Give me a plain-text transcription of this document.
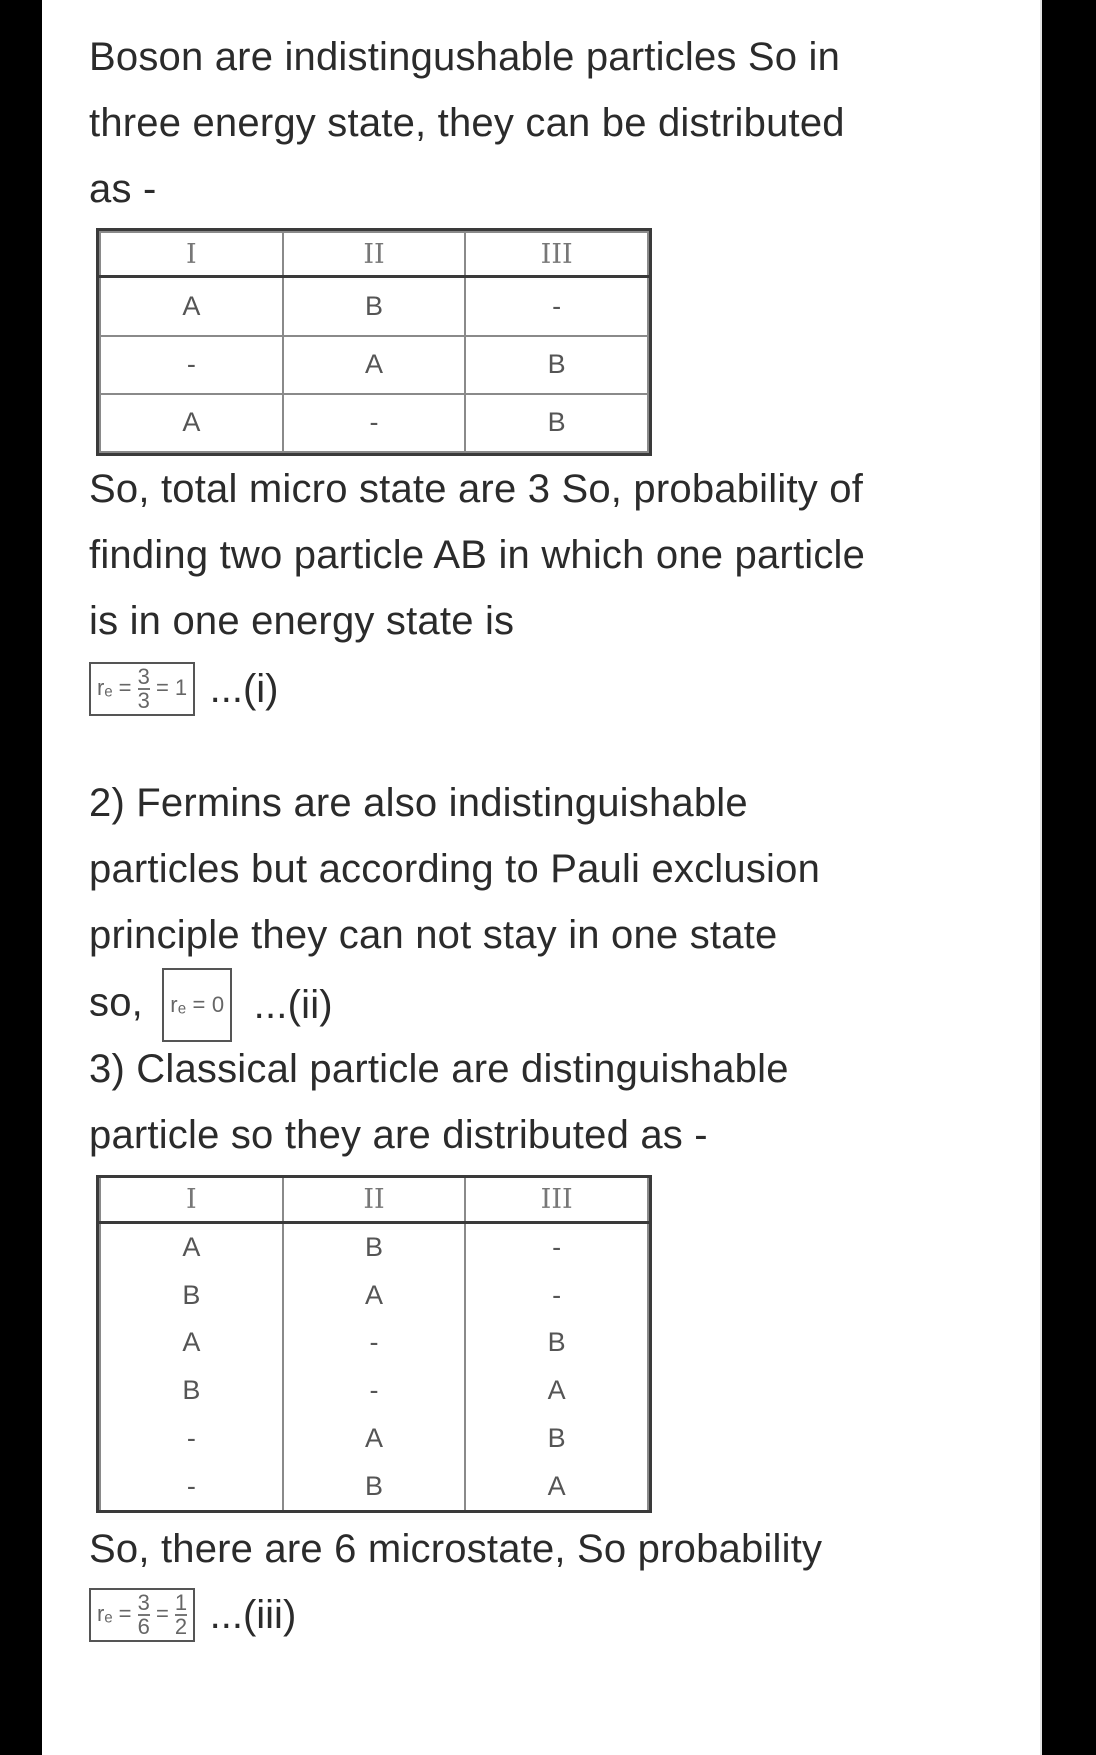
Boson are indistingushable particles So in

three energy state, they can be distributed

as -

I	II	III
A	B	-
-	A	B
A	-	B

So, total micro state are 3 So, probability of

finding two particle AB in which one particle

is in one energy state is

$r_e = \frac{3}{3} = 1$ ...(i)

2) Fermins are also indistinguishable

particles but according to Pauli exclusion

principle they can not stay in one state

so, rₑ = 0 ...(ii)

3) Classical particle are distinguishable

particle so they are distributed as -

I	II	III
A	B	-
B	A	-
A	-	B
B	-	A
-	A	B
-	B	A

So, there are 6 microstate, So probability

$r_e = \frac{3}{6} = \frac{1}{2} ...(iii)$
